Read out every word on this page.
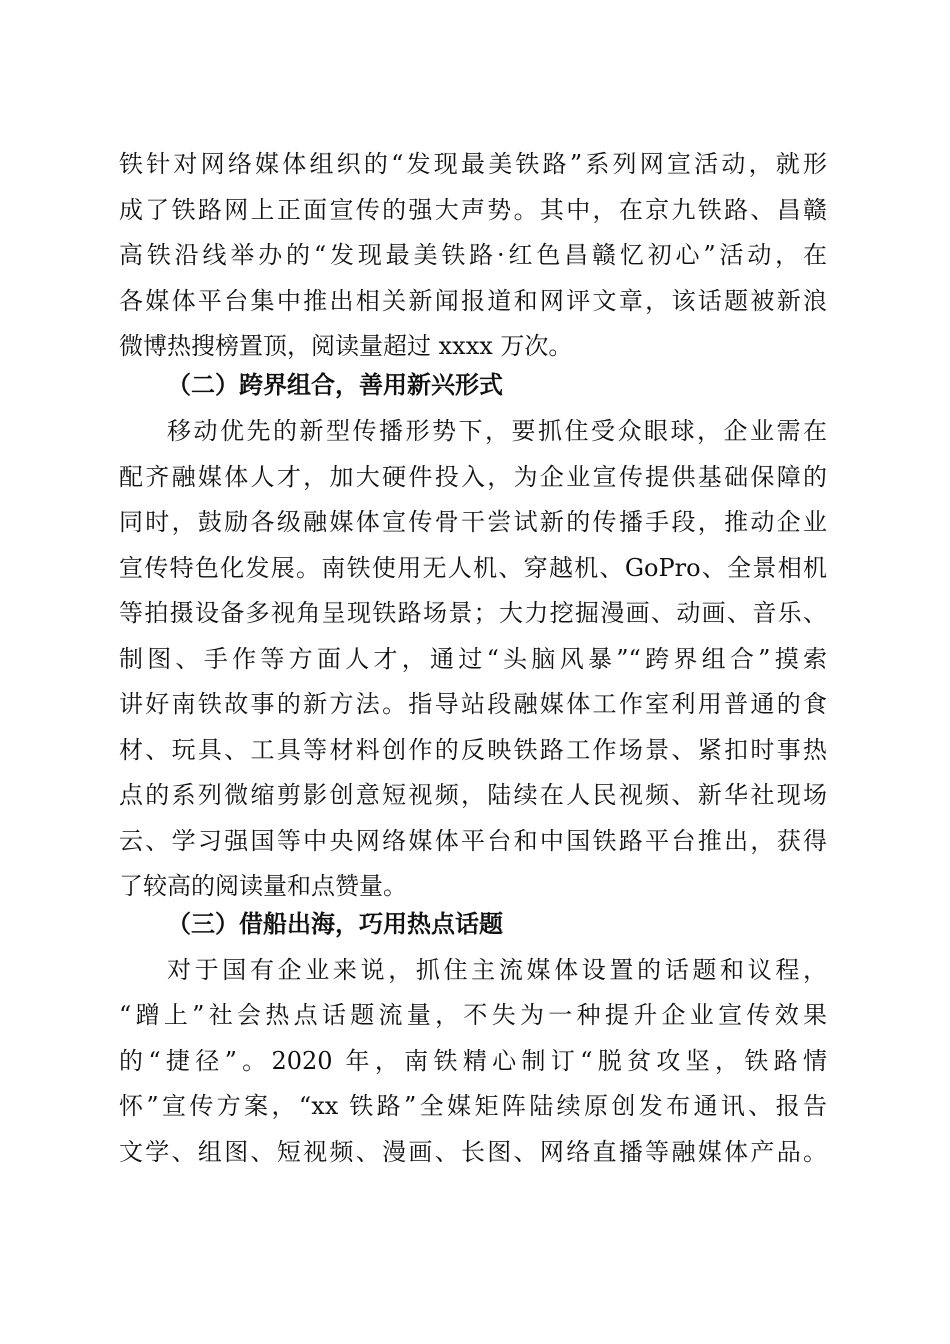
铁针对网络媒体组织的“发现最美铁路”系列网宣活动，就形
成了铁路网上正面宣传的强大声势。其中，在京九铁路、昌赣
高铁沿线举办的“发现最美铁路·红色昌赣忆初心”活动，在
各媒体平台集中推出相关新闻报道和网评文章，该话题被新浪
微博热搜榜置顶，阅读量超过 xxxx 万次。
（二）跨界组合，善用新兴形式
移动优先的新型传播形势下，要抓住受众眼球，企业需在
配齐融媒体人才，加大硬件投入，为企业宣传提供基础保障的
同时，鼓励各级融媒体宣传骨干尝试新的传播手段，推动企业
宣传特色化发展。南铁使用无人机、穿越机、GoPro、全景相机
等拍摄设备多视角呈现铁路场景；大力挖掘漫画、动画、音乐、
制图、手作等方面人才，通过“头脑风暴”“跨界组合”摸索
讲好南铁故事的新方法。指导站段融媒体工作室利用普通的食
材、玩具、工具等材料创作的反映铁路工作场景、紧扣时事热
点的系列微缩剪影创意短视频，陆续在人民视频、新华社现场
云、学习强国等中央网络媒体平台和中国铁路平台推出，获得
了较高的阅读量和点赞量。
（三）借船出海，巧用热点话题
对于国有企业来说，抓住主流媒体设置的话题和议程，
“蹭上”社会热点话题流量，不失为一种提升企业宣传效果
的“捷径”。2020 年，南铁精心制订“脱贫攻坚，铁路情
怀”宣传方案，“xx 铁路”全媒矩阵陆续原创发布通讯、报告
文学、组图、短视频、漫画、长图、网络直播等融媒体产品。
